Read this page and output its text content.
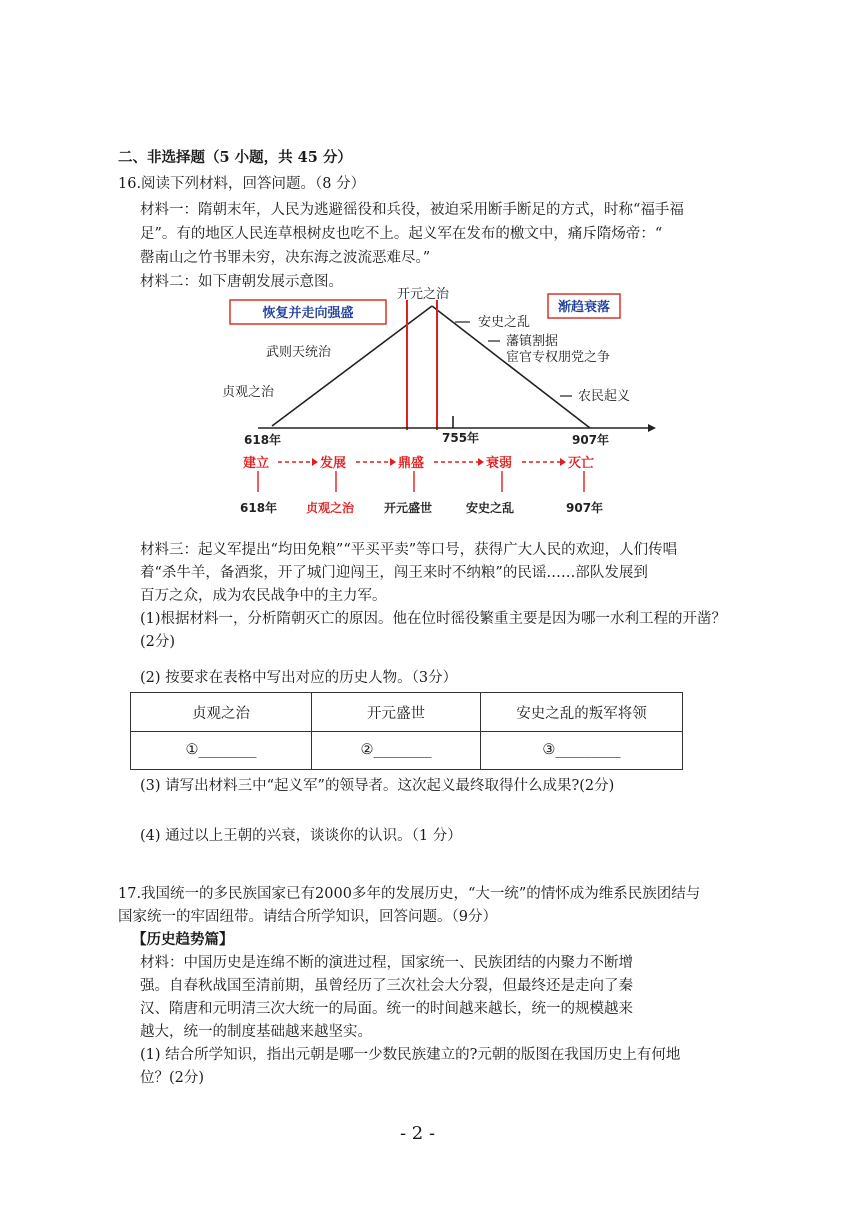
二、非选择题（5 小题，共 45 分）
16.阅读下列材料，回答问题。（8 分）
材料一：隋朝末年，人民为逃避徭役和兵役，被迫采用断手断足的方式，时称“福手福
足”。有的地区人民连草根树皮也吃不上。起义军在发布的檄文中，痛斥隋炀帝：“
罄南山之竹书罪未穷，决东海之波流恶难尽。”
材料二：如下唐朝发展示意图。
恢复并走向强盛	渐趋衰落
开元之治
武则天统治
贞观之治
安史之乱
藩镇割据
宦官专权朋党之争
农民起义
618年	755年	907年
建立	发展	鼎盛	衰弱	灭亡
618年 贞观之治 开元盛世	安史之乱	907年
材料三：起义军提出“均田免粮”“平买平卖”等口号，获得广大人民的欢迎，人们传唱
着“杀牛羊，备酒浆，开了城门迎闯王，闯王来时不纳粮”的民谣……部队发展到
百万之众，成为农民战争中的主力军。
(1)根据材料一，分析隋朝灭亡的原因。他在位时徭役繁重主要是因为哪一水利工程的开凿？
(2分)
(2) 按要求在表格中写出对应的历史人物。（3分）
贞观之治	开元盛世	安史之乱的叛军将领
①________	②________	③_________
(3) 请写出材料三中“起义军”的领导者。这次起义最终取得什么成果?(2分)
(4) 通过以上王朝的兴衰，谈谈你的认识。（1 分）
17.我国统一的多民族国家已有2000多年的发展历史，“大一统”的情怀成为维系民族团结与
国家统一的牢固纽带。请结合所学知识，回答问题。（9分）
【历史趋势篇】
材料：中国历史是连绵不断的演进过程，国家统一、民族团结的内聚力不断增
强。自春秋战国至清前期，虽曾经历了三次社会大分裂，但最终还是走向了秦
汉、隋唐和元明清三次大统一的局面。统一的时间越来越长，统一的规模越来
越大，统一的制度基础越来越坚实。
(1) 结合所学知识，指出元朝是哪一少数民族建立的?元朝的版图在我国历史上有何地
位？(2分)
- 2 -
